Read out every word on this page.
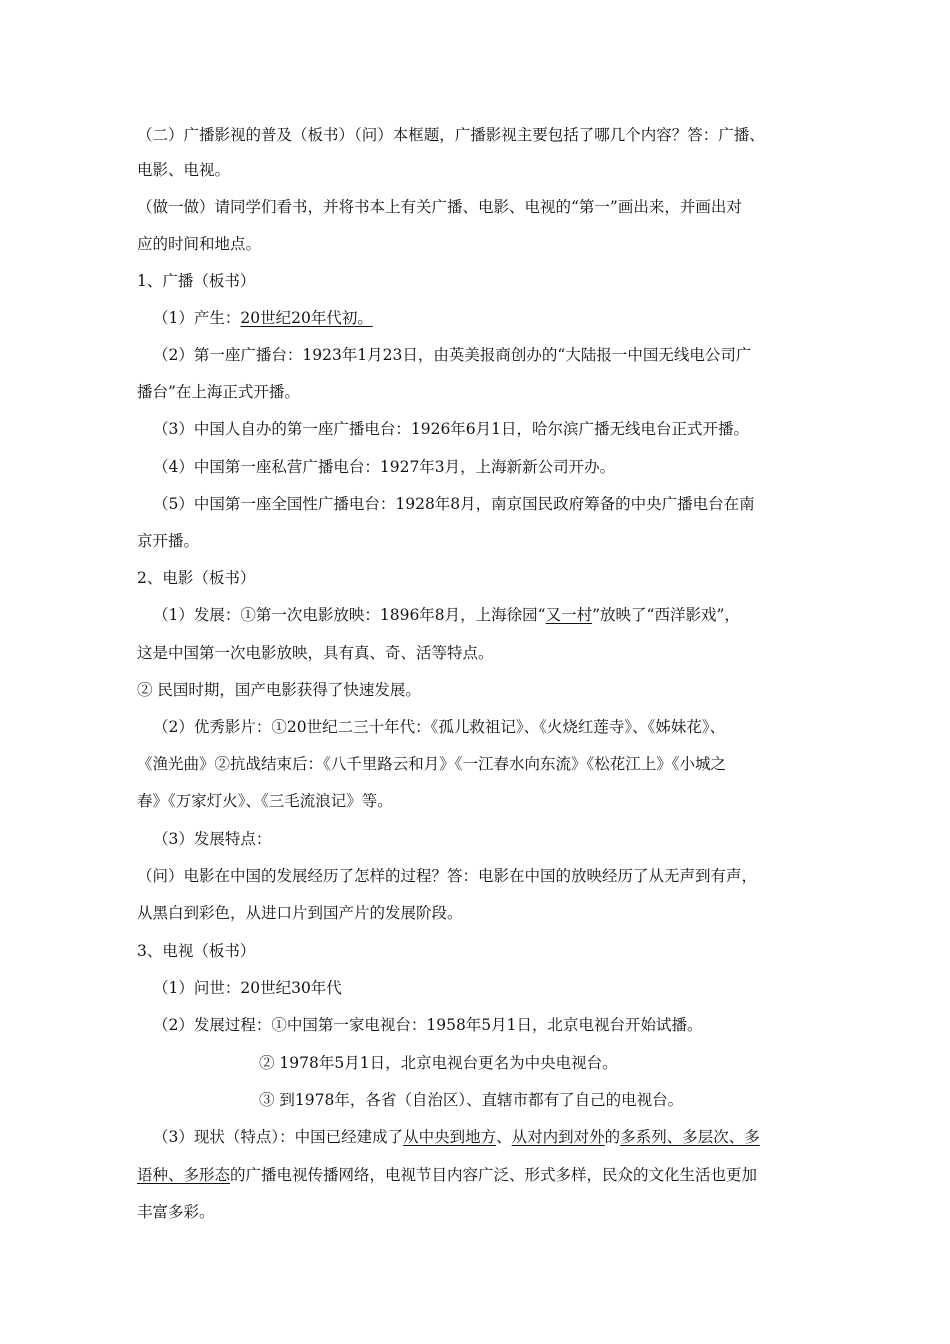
（二）广播影视的普及（板书）（问）本框题，广播影视主要包括了哪几个内容？答：广播、
电影、电视。
（做一做）请同学们看书，并将书本上有关广播、电影、电视的“第一”画出来，并画出对
应的时间和地点。
1、广播（板书）
（1）产生：20世纪20年代初。
（2）第一座广播台：1923年1月23日，由英美报商创办的“大陆报一中国无线电公司广
播台”在上海正式开播。
（3）中国人自办的第一座广播电台：1926年6月1日，哈尔滨广播无线电台正式开播。
（4）中国第一座私营广播电台：1927年3月，上海新新公司开办。
（5）中国第一座全国性广播电台：1928年8月，南京国民政府筹备的中央广播电台在南
京开播。
2、电影（板书）
（1）发展：①第一次电影放映：1896年8月，上海徐园“又一村”放映了“西洋影戏”，
这是中国第一次电影放映，具有真、奇、活等特点。
② 民国时期，国产电影获得了快速发展。
（2）优秀影片：①20世纪二三十年代：《孤儿救祖记》、《火烧红莲寺》、《姊妹花》、
《渔光曲》②抗战结束后：《八千里路云和月》《一江春水向东流》《松花江上》《小城之
春》《万家灯火》、《三毛流浪记》等。
（3）发展特点：
（问）电影在中国的发展经历了怎样的过程？答：电影在中国的放映经历了从无声到有声，
从黑白到彩色，从进口片到国产片的发展阶段。
3、电视（板书）
（1）问世：20世纪30年代
（2）发展过程：①中国第一家电视台：1958年5月1日，北京电视台开始试播。
② 1978年5月1日，北京电视台更名为中央电视台。
③ 到1978年，各省（自治区）、直辖市都有了自己的电视台。
（3）现状（特点）：中国已经建成了从中央到地方、从对内到对外的多系列、多层次、多
语种、多形态的广播电视传播网络，电视节目内容广泛、形式多样，民众的文化生活也更加
丰富多彩。
